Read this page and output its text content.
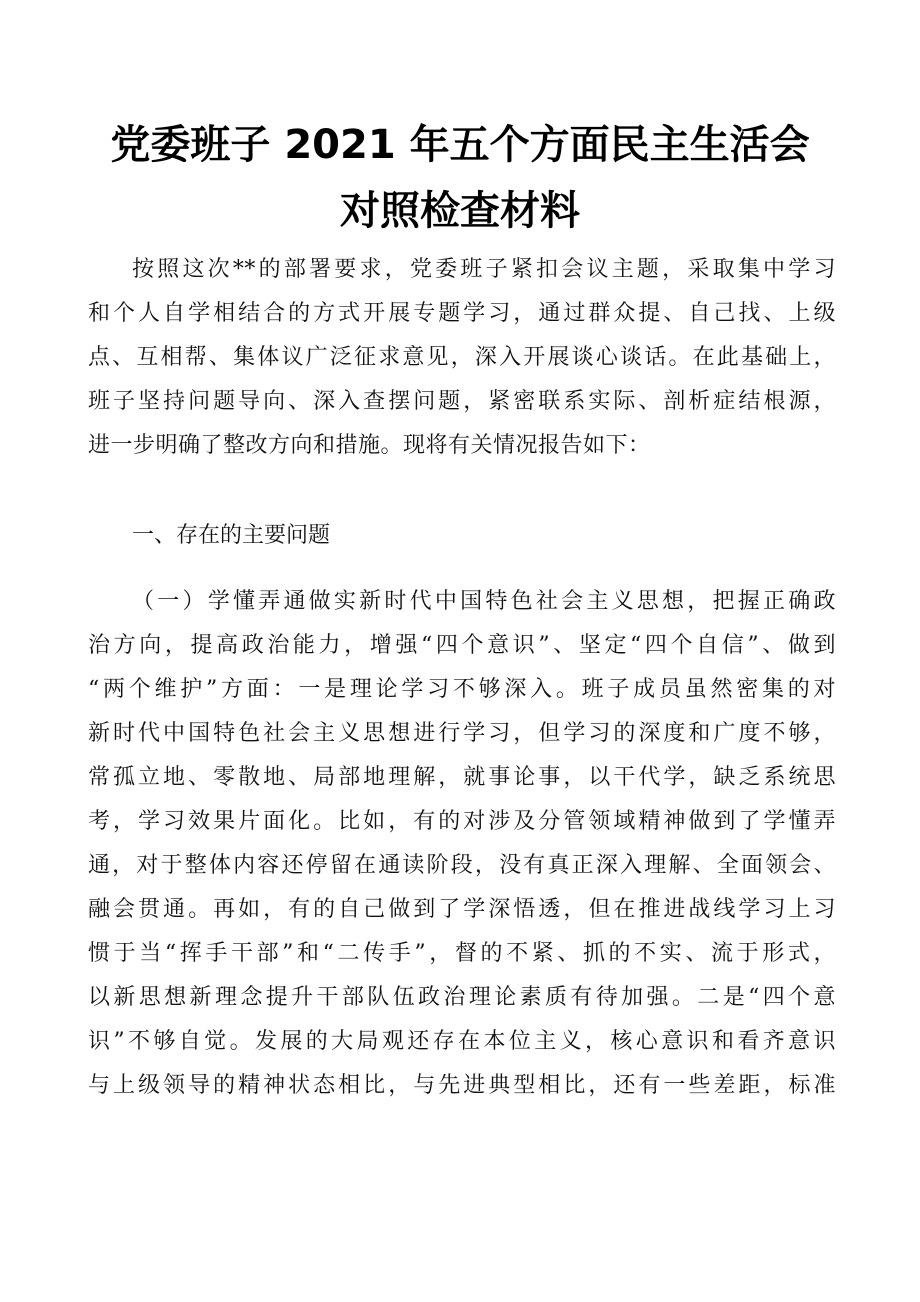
党委班子 2021 年五个方面民主生活会
对照检查材料
按照这次**的部署要求，党委班子紧扣会议主题，采取集中学习
和个人自学相结合的方式开展专题学习，通过群众提、自己找、上级
点、互相帮、集体议广泛征求意见，深入开展谈心谈话。在此基础上，
班子坚持问题导向、深入查摆问题，紧密联系实际、剖析症结根源，
进一步明确了整改方向和措施。现将有关情况报告如下：
一、存在的主要问题
（一）学懂弄通做实新时代中国特色社会主义思想，把握正确政
治方向，提高政治能力，增强“四个意识”、坚定“四个自信”、做到
“两个维护”方面：一是理论学习不够深入。班子成员虽然密集的对
新时代中国特色社会主义思想进行学习，但学习的深度和广度不够，
常孤立地、零散地、局部地理解，就事论事，以干代学，缺乏系统思
考，学习效果片面化。比如，有的对涉及分管领域精神做到了学懂弄
通，对于整体内容还停留在通读阶段，没有真正深入理解、全面领会、
融会贯通。再如，有的自己做到了学深悟透，但在推进战线学习上习
惯于当“挥手干部”和“二传手”，督的不紧、抓的不实、流于形式，
以新思想新理念提升干部队伍政治理论素质有待加强。二是“四个意
识”不够自觉。发展的大局观还存在本位主义，核心意识和看齐意识
与上级领导的精神状态相比，与先进典型相比，还有一些差距，标准
